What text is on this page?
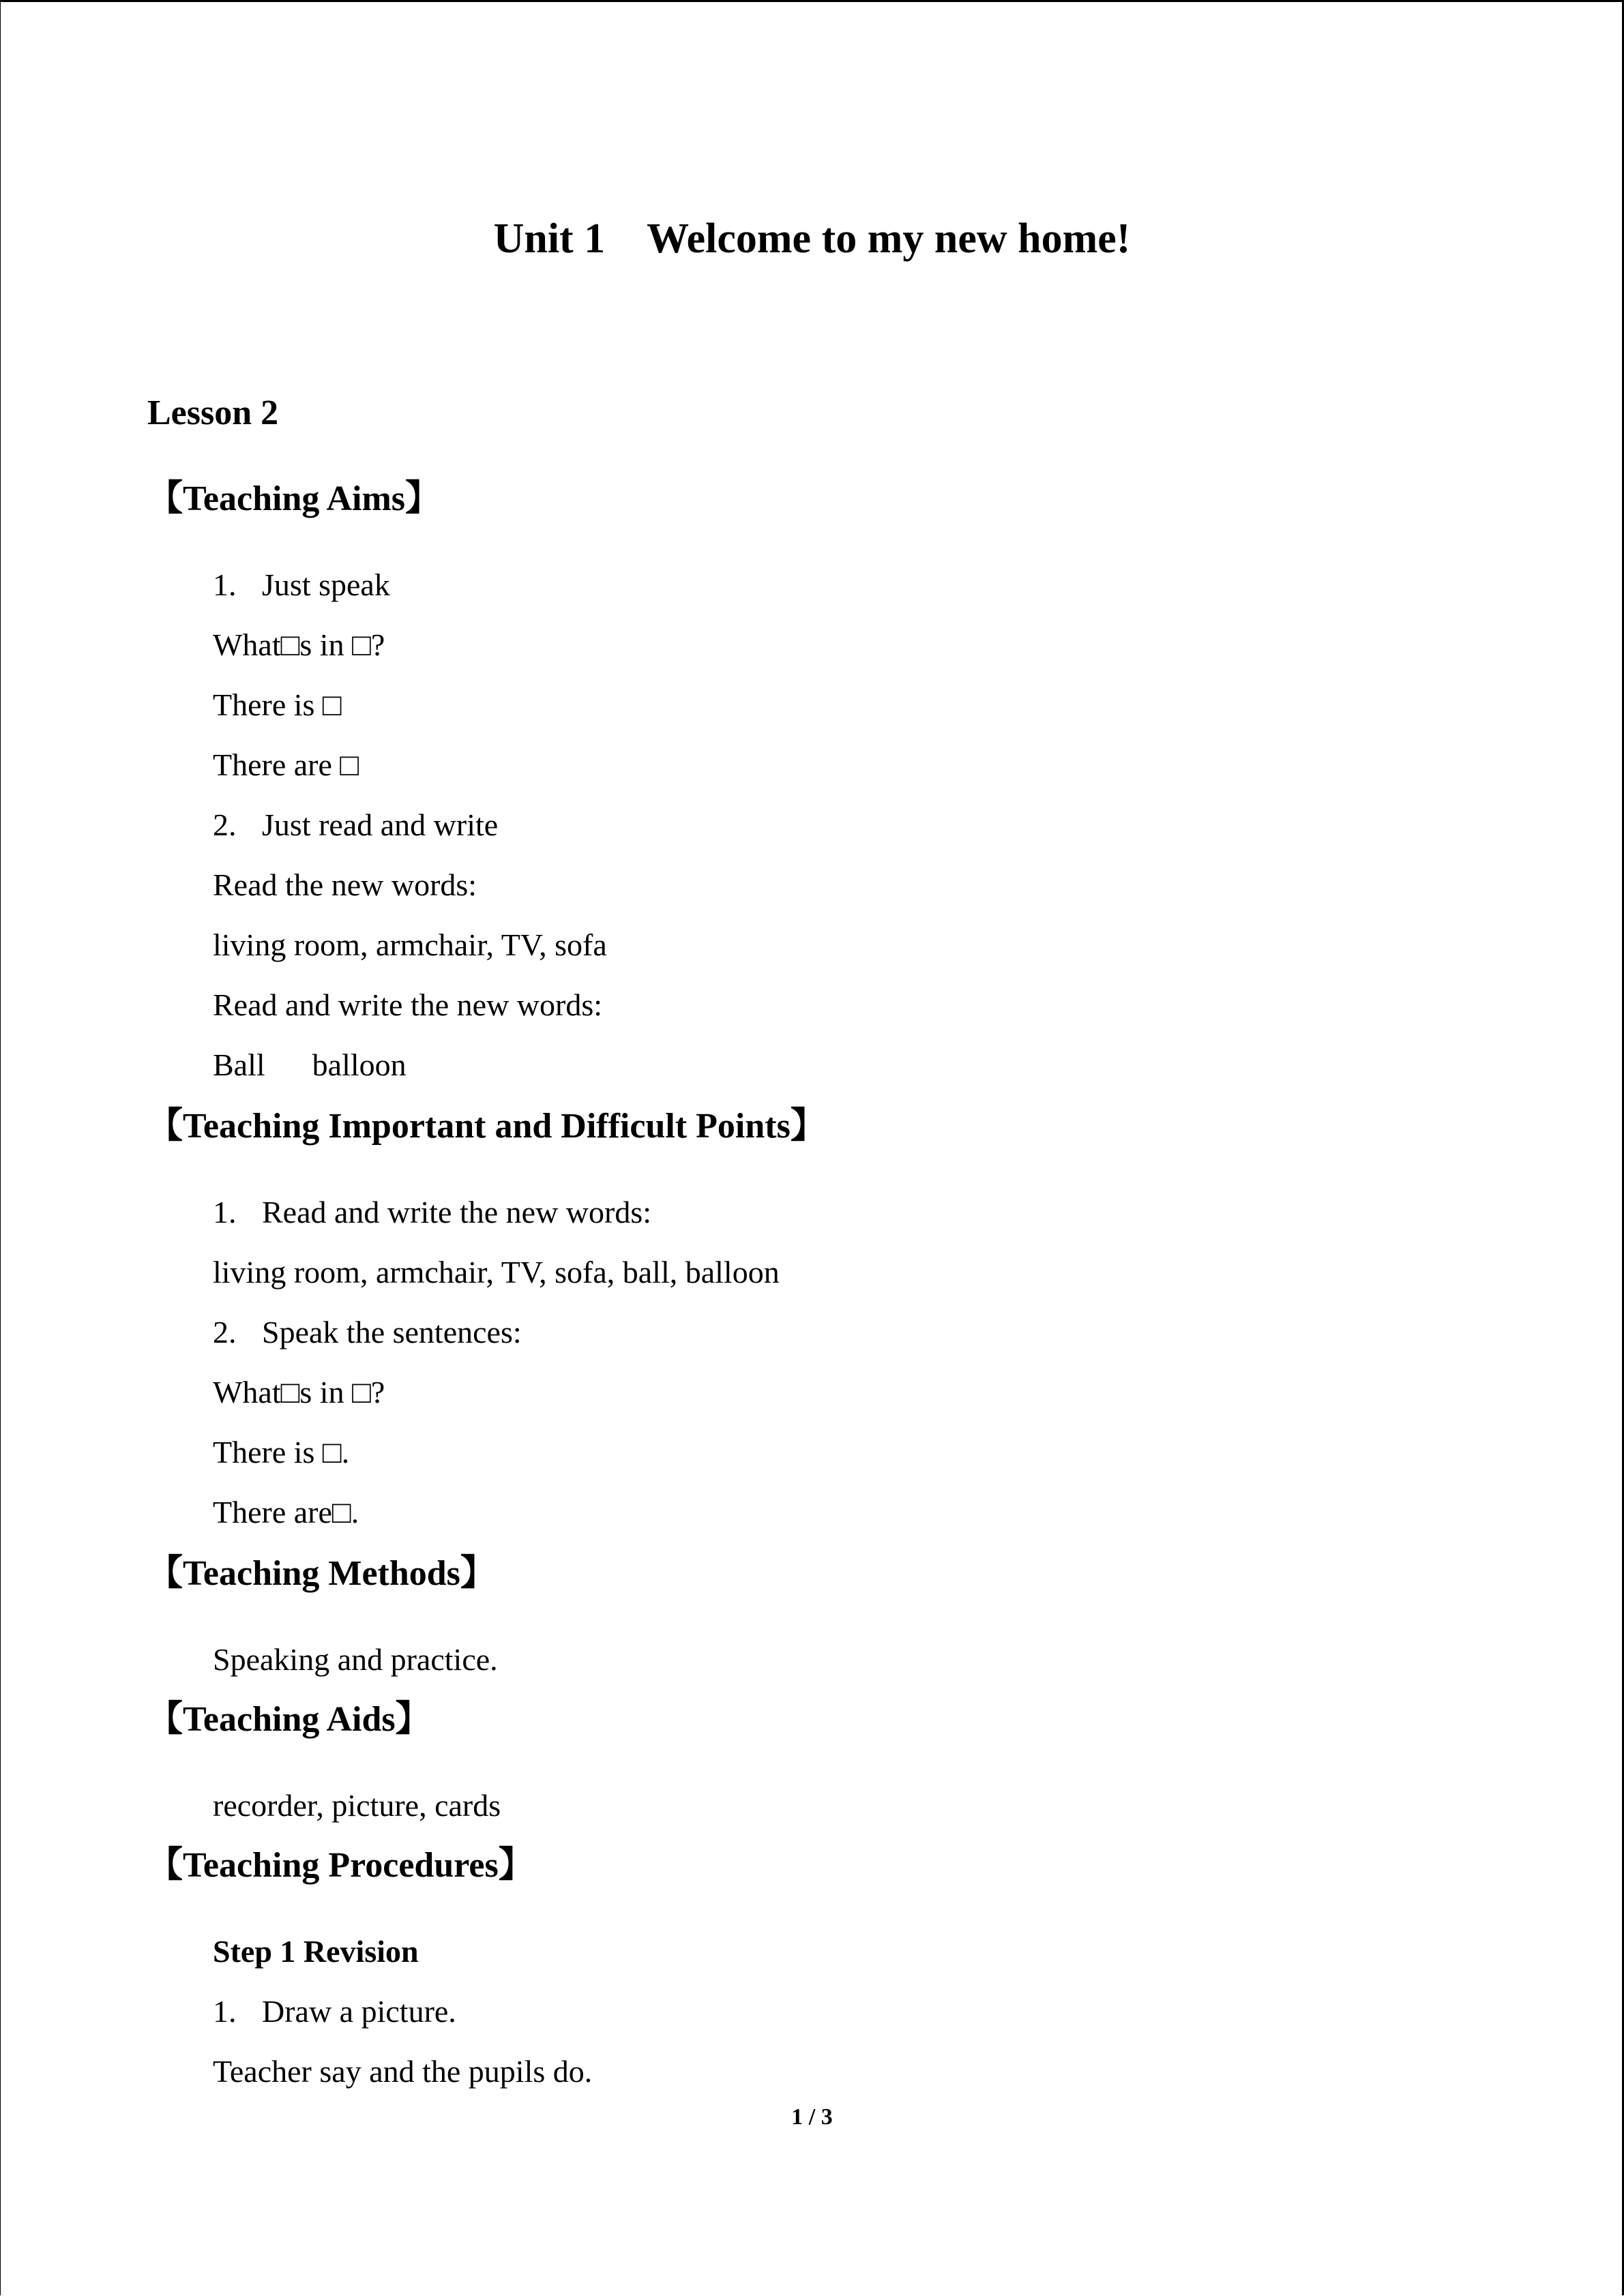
Unit 1    Welcome to my new home!
Lesson 2
【Teaching Aims】
1. Just speak
What□s in □?
There is □
There are □
2. Just read and write
Read the new words:
living room, armchair, TV, sofa
Read and write the new words:
Ball      balloon
【Teaching Important and Difficult Points】
1. Read and write the new words:
living room, armchair, TV, sofa, ball, balloon
2. Speak the sentences:
What□s in □?
There is □.
There are□.
【Teaching Methods】
Speaking and practice.
【Teaching Aids】
recorder, picture, cards
【Teaching Procedures】
Step 1 Revision
1. Draw a picture.
Teacher say and the pupils do.
1 / 3
